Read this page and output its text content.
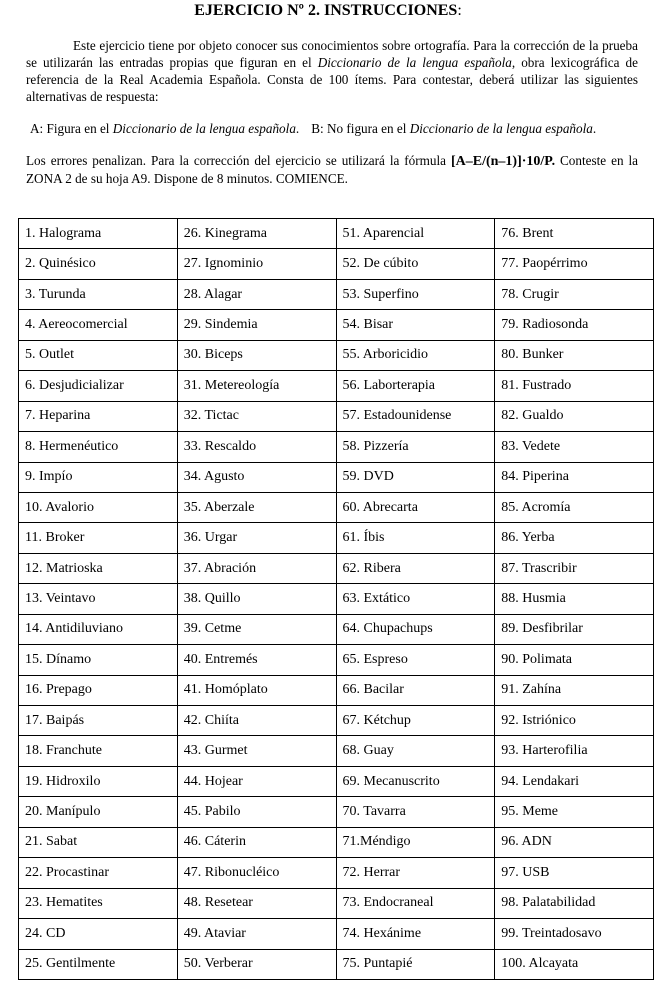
EJERCICIO Nº 2. INSTRUCCIONES:
Este ejercicio tiene por objeto conocer sus conocimientos sobre ortografía. Para la corrección de la prueba se utilizarán las entradas propias que figuran en el Diccionario de la lengua española, obra lexicográfica de referencia de la Real Academia Española. Consta de 100 ítems. Para contestar, deberá utilizar las siguientes alternativas de respuesta:
A: Figura en el Diccionario de la lengua española. B: No figura en el Diccionario de la lengua española.
Los errores penalizan. Para la corrección del ejercicio se utilizará la fórmula [A–E/(n–1)]·10/P. Conteste en la ZONA 2 de su hoja A9. Dispone de 8 minutos. COMIENCE.
1. Halograma	26. Kinegrama	51. Aparencial	76. Brent
2. Quinésico	27. Ignominio	52. De cúbito	77. Paopérrimo
3. Turunda	28. Alagar	53. Superfino	78. Crugir
4. Aereocomercial	29. Sindemia	54. Bisar	79. Radiosonda
5. Outlet	30. Biceps	55. Arboricidio	80. Bunker
6. Desjudicializar	31. Metereología	56. Laborterapia	81. Fustrado
7. Heparina	32. Tictac	57. Estadounidense	82. Gualdo
8. Hermenéutico	33. Rescaldo	58. Pizzería	83. Vedete
9. Impío	34. Agusto	59. DVD	84. Piperina
10. Avalorio	35. Aberzale	60. Abrecarta	85. Acromía
11. Broker	36. Urgar	61. Íbis	86. Yerba
12. Matrioska	37. Abración	62. Ribera	87. Trascribir
13. Veintavo	38. Quillo	63. Extático	88. Husmia
14. Antidiluviano	39. Cetme	64. Chupachups	89. Desfibrilar
15. Dínamo	40. Entremés	65. Espreso	90. Polimata
16. Prepago	41. Homóplato	66. Bacilar	91. Zahína
17. Baipás	42. Chiíta	67. Kétchup	92. Istriónico
18. Franchute	43. Gurmet	68. Guay	93. Harterofilia
19. Hidroxilo	44. Hojear	69. Mecanuscrito	94. Lendakari
20. Manípulo	45. Pabilo	70. Tavarra	95. Meme
21. Sabat	46. Cáterin	71.Méndigo	96. ADN
22. Procastinar	47. Ribonucléico	72. Herrar	97. USB
23. Hematites	48. Resetear	73. Endocraneal	98. Palatabilidad
24. CD	49. Ataviar	74. Hexánime	99. Treintadosavo
25. Gentilmente	50. Verberar	75. Puntapié	100. Alcayata
